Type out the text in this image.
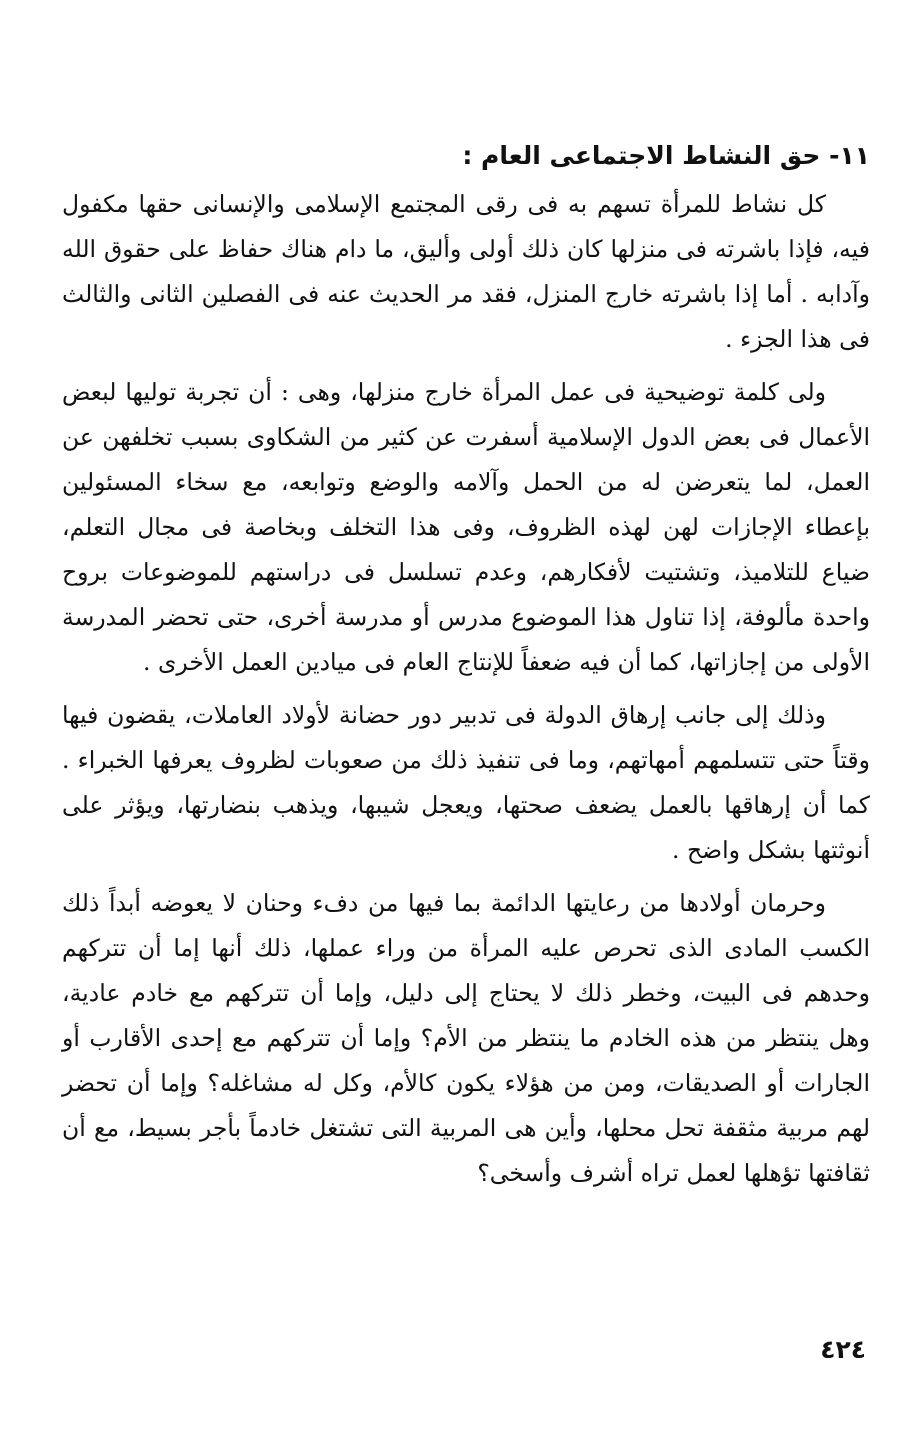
١١- حق النشاط الاجتماعى العام :

كل نشاط للمرأة تسهم به فى رقى المجتمع الإسلامى والإنسانى حقها مكفول فيه، فإذا باشرته فى منزلها كان ذلك أولى وأليق، ما دام هناك حفاظ على حقوق الله وآدابه . أما إذا باشرته خارج المنزل، فقد مر الحديث عنه فى الفصلين الثانى والثالث فى هذا الجزء .

ولى كلمة توضيحية فى عمل المرأة خارج منزلها، وهى : أن تجربة توليها لبعض الأعمال فى بعض الدول الإسلامية أسفرت عن كثير من الشكاوى بسبب تخلفهن عن العمل، لما يتعرضن له من الحمل وآلامه والوضع وتوابعه، مع سخاء المسئولين بإعطاء الإجازات لهن لهذه الظروف، وفى هذا التخلف وبخاصة فى مجال التعلم، ضياع للتلاميذ، وتشتيت لأفكارهم، وعدم تسلسل فى دراستهم للموضوعات بروح واحدة مألوفة، إذا تناول هذا الموضوع مدرس أو مدرسة أخرى، حتى تحضر المدرسة الأولى من إجازاتها، كما أن فيه ضعفاً للإنتاج العام فى ميادين العمل الأخرى .

وذلك إلى جانب إرهاق الدولة فى تدبير دور حضانة لأولاد العاملات، يقضون فيها وقتاً حتى تتسلمهم أمهاتهم، وما فى تنفيذ ذلك من صعوبات لظروف يعرفها الخبراء . كما أن إرهاقها بالعمل يضعف صحتها، ويعجل شيبها، ويذهب بنضارتها، ويؤثر على أنوثتها بشكل واضح .

وحرمان أولادها من رعايتها الدائمة بما فيها من دفء وحنان لا يعوضه أبداً ذلك الكسب المادى الذى تحرص عليه المرأة من وراء عملها، ذلك أنها إما أن تتركهم وحدهم فى البيت، وخطر ذلك لا يحتاج إلى دليل، وإما أن تتركهم مع خادم عادية، وهل ينتظر من هذه الخادم ما ينتظر من الأم؟ وإما أن تتركهم مع إحدى الأقارب أو الجارات أو الصديقات، ومن من هؤلاء يكون كالأم، وكل له مشاغله؟ وإما أن تحضر لهم مربية مثقفة تحل محلها، وأين هى المربية التى تشتغل خادماً بأجر بسيط، مع أن ثقافتها تؤهلها لعمل تراه أشرف وأسخى؟

٤٢٤
